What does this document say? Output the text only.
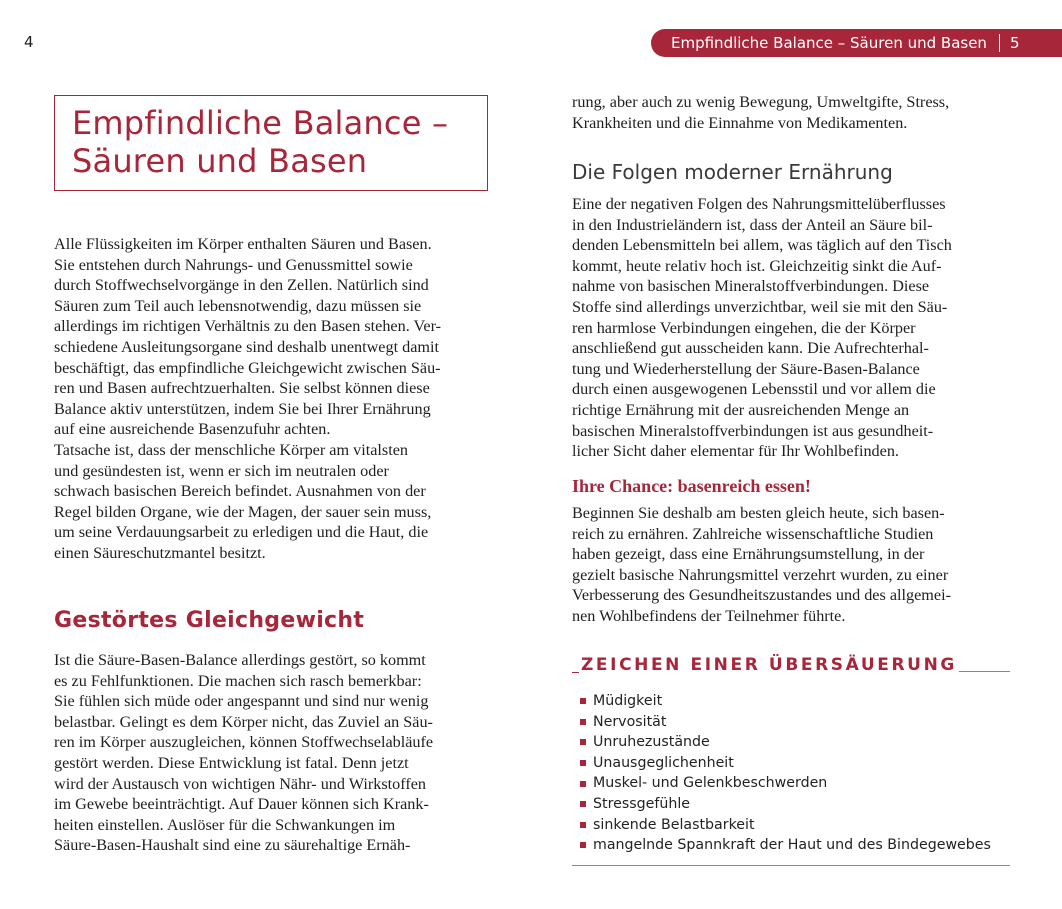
4	Empfindliche Balance – Säuren und Basen	5
Empfindliche Balance –
Säuren und Basen

Alle Flüssigkeiten im Körper enthalten Säuren und Basen.

Sie entstehen durch Nahrungs- und Genussmittel sowie

durch Stoffwechselvorgänge in den Zellen. Natürlich sind

Säuren zum Teil auch lebensnotwendig, dazu müssen sie

allerdings im richtigen Verhältnis zu den Basen stehen. Ver-

schiedene Ausleitungsorgane sind deshalb unentwegt damit

beschäftigt, das empfindliche Gleichgewicht zwischen Säu-

ren und Basen aufrechtzuerhalten. Sie selbst können diese

Balance aktiv unterstützen, indem Sie bei Ihrer Ernährung

auf eine ausreichende Basenzufuhr achten.

Tatsache ist, dass der menschliche Körper am vitalsten

und gesündesten ist, wenn er sich im neutralen oder

schwach basischen Bereich befindet. Ausnahmen von der

Regel bilden Organe, wie der Magen, der sauer sein muss,

um seine Verdauungsarbeit zu erledigen und die Haut, die

einen Säureschutzmantel besitzt.

Gestörtes Gleichgewicht

Ist die Säure-Basen-Balance allerdings gestört, so kommt

es zu Fehlfunktionen. Die machen sich rasch bemerkbar:

Sie fühlen sich müde oder angespannt und sind nur wenig

belastbar. Gelingt es dem Körper nicht, das Zuviel an Säu-

ren im Körper auszugleichen, können Stoffwechselabläufe

gestört werden. Diese Entwicklung ist fatal. Denn jetzt

wird der Austausch von wichtigen Nähr- und Wirkstoffen

im Gewebe beeinträchtigt. Auf Dauer können sich Krank-

heiten einstellen. Auslöser für die Schwankungen im

Säure-Basen-Haushalt sind eine zu säurehaltige Ernäh-

rung, aber auch zu wenig Bewegung, Umweltgifte, Stress,

Krankheiten und die Einnahme von Medikamenten.

Die Folgen moderner Ernährung

Eine der negativen Folgen des Nahrungsmittelüberflusses

in den Industrieländern ist, dass der Anteil an Säure bil-

denden Lebensmitteln bei allem, was täglich auf den Tisch

kommt, heute relativ hoch ist. Gleichzeitig sinkt die Auf-

nahme von basischen Mineralstoffverbindungen. Diese

Stoffe sind allerdings unverzichtbar, weil sie mit den Säu-

ren harmlose Verbindungen eingehen, die der Körper

anschließend gut ausscheiden kann. Die Aufrechterhal-

tung und Wiederherstellung der Säure-Basen-Balance

durch einen ausgewogenen Lebensstil und vor allem die

richtige Ernährung mit der ausreichenden Menge an

basischen Mineralstoffverbindungen ist aus gesundheit-

licher Sicht daher elementar für Ihr Wohlbefinden.

Ihre Chance: basenreich essen!

Beginnen Sie deshalb am besten gleich heute, sich basen-

reich zu ernähren. Zahlreiche wissenschaftliche Studien

haben gezeigt, dass eine Ernährungsumstellung, in der

gezielt basische Nahrungsmittel verzehrt wurden, zu einer

Verbesserung des Gesundheitszustandes und des allgemei-

nen Wohlbefindens der Teilnehmer führte.

ZEICHEN EINER ÜBERSÄUERUNG
Müdigkeit
Nervosität
Unruhezustände
Unausgeglichenheit
Muskel- und Gelenkbeschwerden
Stressgefühle
sinkende Belastbarkeit
mangelnde Spannkraft der Haut und des Bindegewebes
